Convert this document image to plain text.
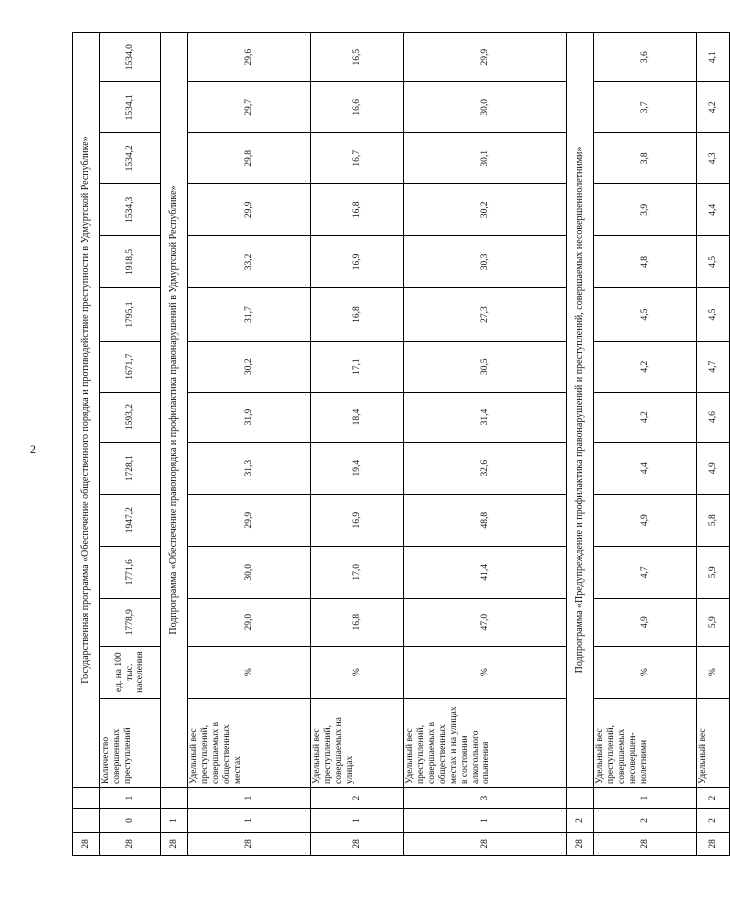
2
28			Государственная программа «Обеспечение общественного порядка и противодействие преступности в Удмуртской Республике»													
28	0	1	Количество совершенных преступлений	ед. на 100 тыс. населения	1778,9	1771,6	1947,2	1728,1	1593,2	1671,7	1795,1	1918,5	1534,3	1534,2	1534,1	1534,0
28	1		Подпрограмма «Обеспечение правопорядка и профилактика правонарушений в Удмуртской Республике»													
28	1	1	Удельный вес преступлений, совершаемых в общественных местах	%	29,0	30,0	29,9	31,3	31,9	30,2	31,7	33,2	29,9	29,8	29,7	29,6
28	1	2	Удельный вес преступлений, совершаемых на улицах	%	16,8	17,0	16,9	19,4	18,4	17,1	16,8	16,9	16,8	16,7	16,6	16,5
28	1	3	Удельный вес преступлений, совершаемых в общественных местах и на улицах в состоянии алкогольного опьянения	%	47,0	41,4	48,8	32,6	31,4	30,5	27,3	30,3	30,2	30,1	30,0	29,9
28	2		Подпрограмма «Предупреждение и профилактика правонарушений и преступлений, совершаемых несовершеннолетними»													
28	2	1	Удельный вес преступлений, совершаемых несовершен-нолетними	%	4,9	4,7	4,9	4,4	4,2	4,2	4,5	4,8	3,9	3,8	3,7	3,6
28	2	2	Удельный вес	%	5,9	5,9	5,8	4,9	4,6	4,7	4,5	4,5	4,4	4,3	4,2	4,1
